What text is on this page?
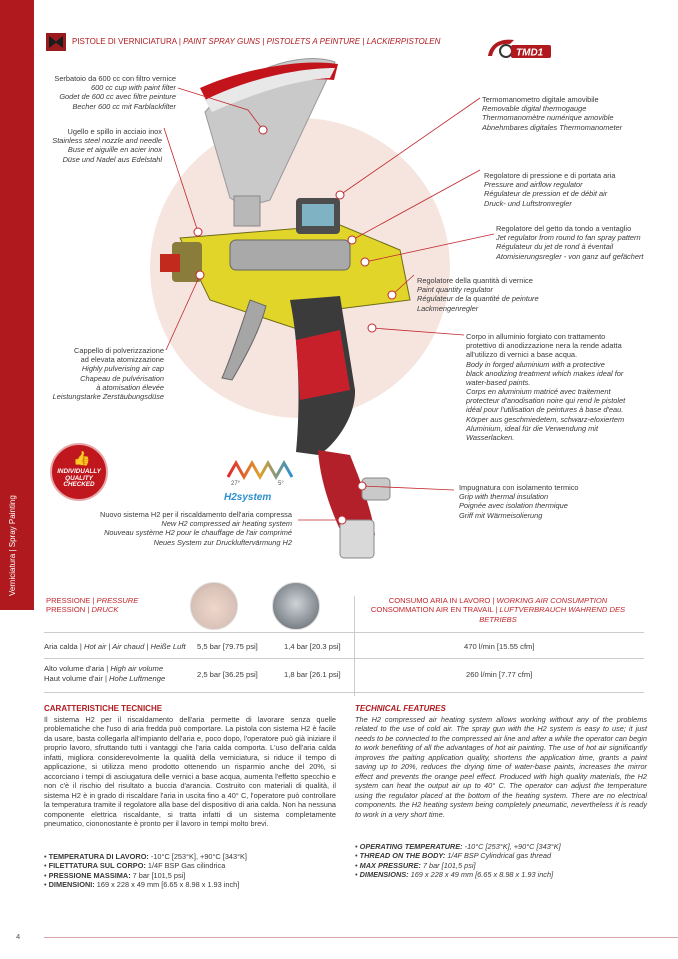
Verniciatura | Spray Painting
PISTOLE DI VERNICIATURA | PAINT SPRAY GUNS | PISTOLETS A PEINTURE | LACKIERPISTOLEN
TMD1
Serbatoio da 600 cc con filtro vernice
600 cc cup with paint filter
Godet de 600 cc avec filtre peinture
Becher 600 cc mit Farblackfilter
Ugello e spillo in acciaio inox
Stainless steel nozzle and needle
Buse et aiguille en acier inox
Düse und Nadel aus Edelstahl
Termomanometro digitale amovibile
Removable digital thermogauge
Thermomanomètre numérique amovible
Abnehmbares digitales Thermomanometer
Regolatore di pressione e di portata aria
Pressure and airflow regulator
Régulateur de pression et de débit air
Druck- und Luftstromregler
Regolatore del getto da tondo a ventaglio
Jet regulator from round to fan spray pattern
Régulateur du jet de rond à éventail
Atomisierungsregler - von ganz auf gefächert
Regolatore della quantità di vernice
Paint quantity regulator
Régulateur de la quantité de peinture
Lackmengenregler
Cappello di polverizzazione
ad elevata atomizzazione
Highly pulverising air cap
Chapeau de pulvérisation
à atomisation élevée
Leistungstarke Zerstäubungsdüse
Corpo in alluminio forgiato con trattamento
protettivo di anodizzazione nera la rende adatta
all'utilizzo di vernici a base acqua.
Body in forged aluminium with a protective
black anodizing treatment which makes ideal for
water-based paints.
Corps en aluminium matricé avec traitement
protecteur d'anodisation noire qui rend le pistolet
idéal pour l'utilisation de peintures à base d'eau.
Körper aus geschmiedetem, schwarz-eloxiertem
Aluminium, ideal für die Verwendung mit
Wasserlacken.
Impugnatura con isolamento termico
Grip with thermal insulation
Poignée avec isolation thermique
Griff mit Wärmeisolierung
Nuovo sistema H2 per il riscaldamento dell'aria compressa
New H2 compressed air heating system
Nouveau système H2 pour le chauffage de l'air comprimé
Neues System zur Druckluftervärmung H2
👍
INDIVIDUALLY
QUALITY
CHECKED	27°	5°
H2system
PRESSIONE | PRESSURE
PRESSION | DRUCK
CONSUMO ARIA IN LAVORO | WORKING AIR CONSUMPTION
CONSOMMATION AIR EN TRAVAIL | LUFTVERBRAUCH WAHREND DES BETRIEBS
Aria calda | Hot air | Air chaud | Heiße Luft 5,5 bar [79.75 psi]	1,4 bar [20.3 psi]	470 l/min [15.55 cfm]
Alto volume d'aria | High air volume
Haut volume d'air | Hohe Luftmenge	2,5 bar [36.25 psi]	1,8 bar [26.1 psi]	260 l/min [7.77 cfm]
CARATTERISTICHE TECNICHE
Il sistema H2 per il riscaldamento dell'aria permette di lavorare senza quelle problematiche che l'uso di aria fredda può comportare. La pistola con sistema H2 è facile da usare, basta collegarla all'impianto dell'aria e, poco dopo, l'operatore può già iniziare il proprio lavoro, sfruttando tutti i vantaggi che l'aria calda comporta. L'uso dell'aria calda infatti, migliora considerevolmente la qualità della verniciatura, si riduce il tempo di applicazione, si utilizza meno prodotto ottenendo un risparmio anche del 20%, si accorciano i tempi di asciugatura delle vernici a base acqua, aumenta l'effetto specchio e non c'è il rischio del risultato a buccia d'arancia. Costruito con materiali di qualità, il sistema H2 è in grado di riscaldare l'aria in uscita fino a 40° C, l'operatore può controllare la temperatura tramite il regolatore alla base del dispositivo di aria calda. Non ha nessuna componente elettrica riscaldante, si tratta infatti di un sistema completamente pneumatico, ciononostante è pronto per il lavoro in tempi molto brevi.
• TEMPERATURA DI LAVORO: -10°C [253°K], +90°C [343°K]
• FILETTATURA SUL CORPO: 1/4F BSP Gas cilindrica
• PRESSIONE MASSIMA: 7 bar [101,5 psi]
• DIMENSIONI: 169 x 228 x 49 mm [6.65 x 8.98 x 1.93 inch]
TECHNICAL FEATURES
The H2 compressed air heating system allows working without any of the problems related to the use of cold air. The spray gun with the H2 system is easy to use; it just needs to be connected to the compressed air line and after a while the operator can begin to work benefiting of all the advantages of hot air painting. The use of hot air significantly improves the paiting application quality, shortens the application time, grants a paint saving up to 20%, reduces the drying time of water-base paints, increases the mirror effect and prevents the orange peel effect. Produced with high quality materials, the H2 system can heat the output air up to 40° C. The operator can adjust the temperature using the regulator placed at the bottom of the heating system. There are no electrical components. the H2 heating system being completely pneumatic, nevertheless it is ready to work in a very short time.
• OPERATING TEMPERATURE: -10°C [253°K], +90°C [343°K]
• THREAD ON THE BODY: 1/4F BSP Cylindrical gas thread
• MAX PRESSURE: 7 bar [101,5 psi]
• DIMENSIONS: 169 x 228 x 49 mm [6.65 x 8.98 x 1.93 inch]
4
